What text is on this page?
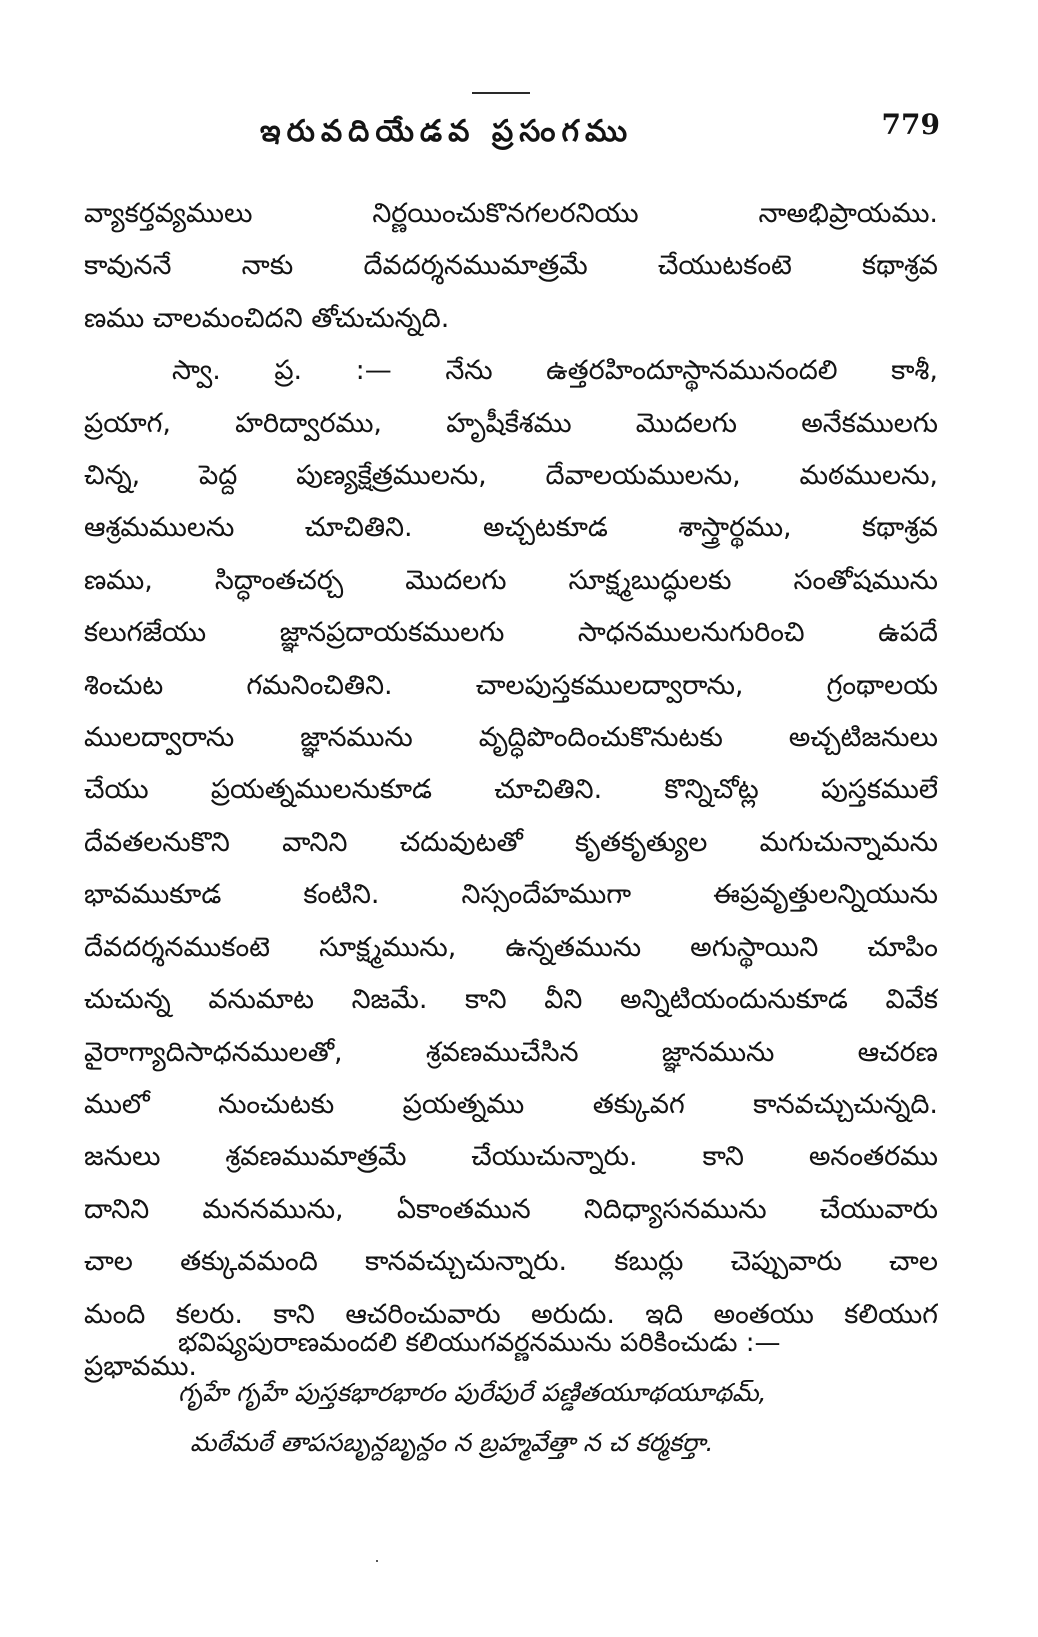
ఇరువదియేడవ ప్రసంగము	779
వ్యాకర్తవ్యములు నిర్ణయించుకొనగలరనియు నాఅభిప్రాయము.
కావుననే నాకు దేవదర్శనముమాత్రమే చేయుటకంటె కథాశ్రవ
ణము చాలమంచిదని తోచుచున్నది.
స్వా. ప్ర. :— నేను ఉత్తరహిందూస్థానమునందలి కాశీ,
ప్రయాగ, హరిద్వారము, హృషీకేశము మొదలగు అనేకములగు
చిన్న, పెద్ద పుణ్యక్షేత్రములను, దేవాలయములను, మఠములను,
ఆశ్రమములను చూచితిని. అచ్చటకూడ శాస్త్రార్థము, కథాశ్రవ
ణము, సిద్ధాంతచర్చ మొదలగు సూక్ష్మబుద్ధులకు సంతోషమును
కలుగజేయు జ్ఞానప్రదాయకములగు సాధనములనుగురించి ఉపదే
శించుట గమనించితిని. చాలపుస్తకములద్వారాను, గ్రంథాలయ
ములద్వారాను జ్ఞానమును వృద్ధిపొందించుకొనుటకు అచ్చటిజనులు
చేయు ప్రయత్నములనుకూడ చూచితిని. కొన్నిచోట్ల పుస్తకములే
దేవతలనుకొని వానిని చదువుటతో కృతకృత్యుల మగుచున్నామను
భావముకూడ కంటిని. నిస్సందేహముగా ఈప్రవృత్తులన్నియును
దేవదర్శనముకంటె సూక్ష్మమును, ఉన్నతమును అగుస్థాయిని చూపిం
చుచున్న వనుమాట నిజమే. కాని వీని అన్నిటియందునుకూడ వివేక
వైరాగ్యాదిసాధనములతో, శ్రవణముచేసిన జ్ఞానమును ఆచరణ
ములో నుంచుటకు ప్రయత్నము తక్కువగ కానవచ్చుచున్నది.
జనులు శ్రవణముమాత్రమే చేయుచున్నారు. కాని అనంతరము
దానిని మననమును, ఏకాంతమున నిదిధ్యాసనమును చేయువారు
చాల తక్కువమంది కానవచ్చుచున్నారు. కబుర్లు చెప్పువారు చాల
మంది కలరు. కాని ఆచరించువారు అరుదు. ఇది అంతయు కలియుగ
ప్రభావము.
భవిష్యపురాణమందలి కలియుగవర్ణనమును పరికించుడు :—
గృహే గృహే పుస్తకభారభారం పురేపురే పణ్డితయూథయూథమ్,
మఠేమఠే తాపసబృన్దబృన్దం న బ్రహ్మవేత్తా న చ కర్మకర్తా.
